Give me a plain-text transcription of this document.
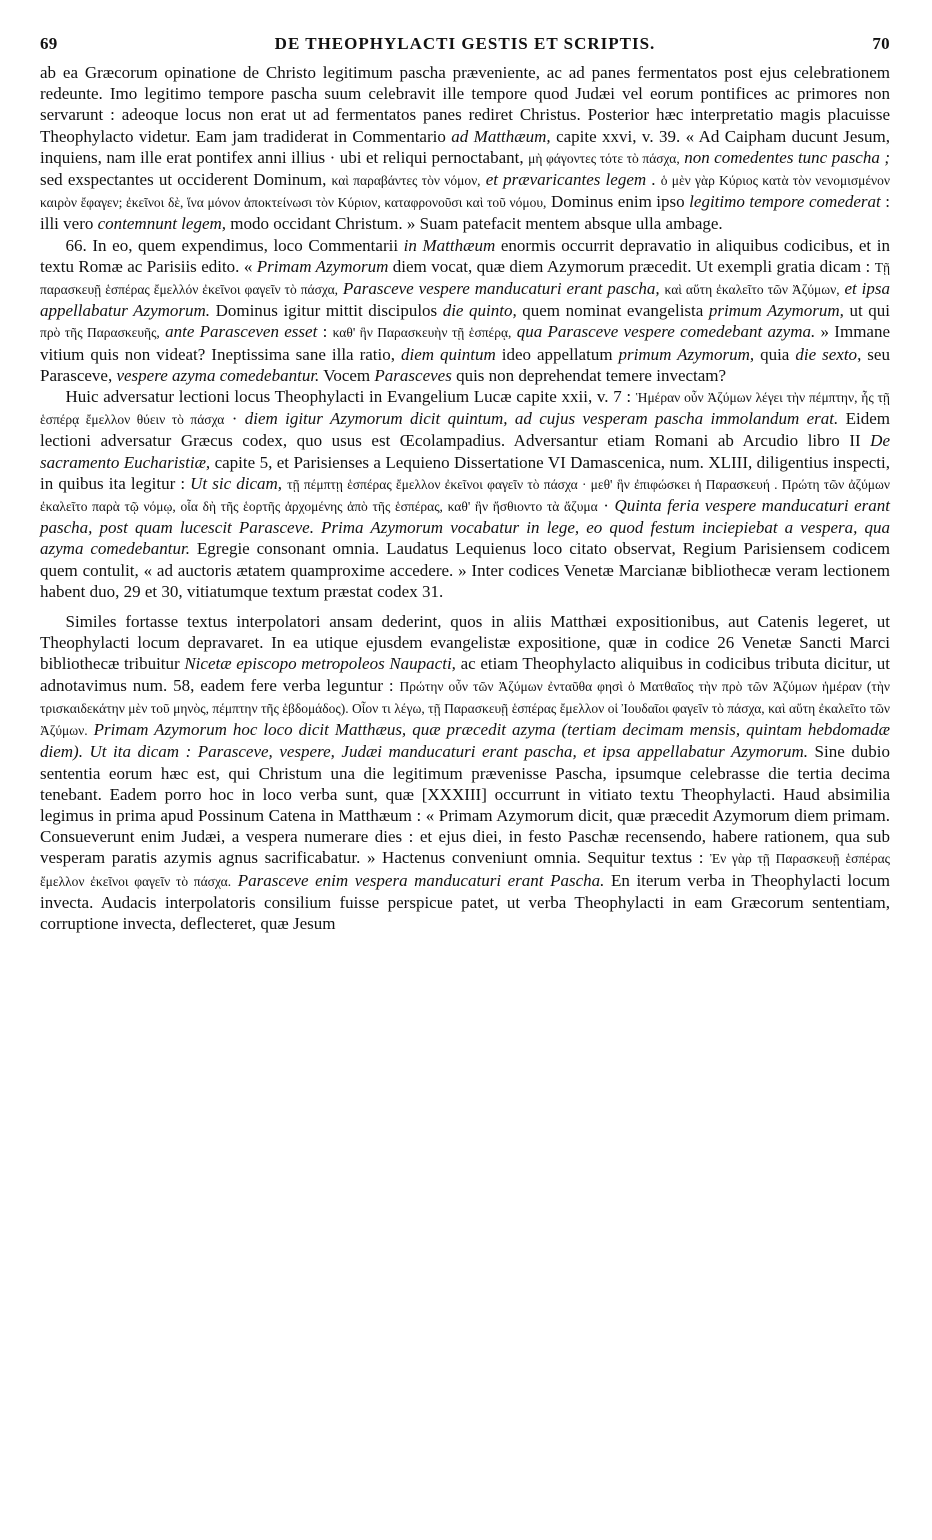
69	DE THEOPHYLACTI GESTIS ET SCRIPTIS.	70

ab ea Græcorum opinatione de Christo legitimum pascha præveniente, ac ad panes fermentatos post ejus celebrationem redeunte. Imo legitimo tempore pascha suum celebravit ille tempore quod Judæi vel eorum pontifices ac primores non servarunt : adeoque locus non erat ut ad fermentatos panes rediret Christus. Posterior hæc interpretatio magis placuisse Theophylacto videtur. Eam jam tradiderat in Commentario ad Matthæum, capite xxvi, v. 39. « Ad Caipham ducunt Jesum, inquiens, nam ille erat pontifex anni illius · ubi et reliqui pernoctabant, μὴ φάγοντες τότε τὸ πάσχα, non comedentes tunc pascha ; sed exspectantes ut occiderent Dominum, καὶ παραβάντες τὸν νόμον, et prævaricantes legem . ὁ μὲν γὰρ Κύριος κατὰ τὸν νενομισμένον καιρὸν ἔφαγεν; ἐκεῖνοι δὲ, ἵνα μόνον ἀποκτείνωσι τὸν Κύριον, καταφρονοῦσι καὶ τοῦ νόμου, Dominus enim ipso legitimo tempore comederat : illi vero contemnunt legem, modo occidant Christum. » Suam patefacit mentem absque ulla ambage.

66. In eo, quem expendimus, loco Commentarii in Matthæum enormis occurrit depravatio in aliquibus codicibus, et in textu Romæ ac Parisiis edito. « Primam Azymorum diem vocat, quæ diem Azymorum præcedit. Ut exempli gratia dicam : Τῇ παρασκευῇ ἑσπέρας ἔμελλόν ἐκεῖνοι φαγεῖν τὸ πάσχα, Parasceve vespere manducaturi erant pascha, καὶ αὕτη ἐκαλεῖτο τῶν Ἀζύμων, et ipsa appellabatur Azymorum. Dominus igitur mittit discipulos die quinto, quem nominat evangelista primum Azymorum, ut qui πρὸ τῆς Παρασκευῆς, ante Parasceven esset : καθ' ἣν Παρασκευὴν τῇ ἑσπέρᾳ, qua Parasceve vespere comedebant azyma. » Immane vitium quis non videat? Ineptissima sane illa ratio, diem quintum ideo appellatum primum Azymorum, quia die sexto, seu Parasceve, vespere azyma comedebantur. Vocem Parasceves quis non deprehendat temere invectam?

Huic adversatur lectioni locus Theophylacti in Evangelium Lucæ capite xxii, v. 7 : Ἡμέραν οὖν Ἀζύμων λέγει τὴν πέμπτην, ἧς τῇ ἑσπέρᾳ ἔμελλον θύειν τὸ πάσχα · diem igitur Azymorum dicit quintum, ad cujus vesperam pascha immolandum erat. Eidem lectioni adversatur Græcus codex, quo usus est Œcolampadius. Adversantur etiam Romani ab Arcudio libro II De sacramento Eucharistiæ, capite 5, et Parisienses a Lequieno Dissertatione VI Damascenica, num. XLIII, diligentius inspecti, in quibus ita legitur : Ut sic dicam, τῇ πέμπτῃ ἑσπέρας ἔμελλον ἐκεῖνοι φαγεῖν τὸ πάσχα · μεθ' ἣν ἐπιφώσκει ἡ Παρασκευή . Πρώτη τῶν ἀζύμων ἐκαλεῖτο παρὰ τῷ νόμῳ, οἷα δὴ τῆς ἑορτῆς ἀρχομένης ἀπὸ τῆς ἑσπέρας, καθ' ἣν ἤσθιοντο τὰ ἄζυμα · Quinta feria vespere manducaturi erant pascha, post quam lucescit Parasceve. Prima Azymorum vocabatur in lege, eo quod festum inciepiebat a vespera, qua azyma comedebantur. Egregie consonant omnia. Laudatus Lequienus loco citato observat, Regium Parisiensem codicem quem contulit, « ad auctoris ætatem quamproxime accedere. » Inter codices Venetæ Marcianæ bibliothecæ veram lectionem habent duo, 29 et 30, vitiatumque textum præstat codex 31.

Similes fortasse textus interpolatori ansam dederint, quos in aliis Matthæi expositionibus, aut Catenis legeret, ut Theophylacti locum depravaret. In ea utique ejusdem evangelistæ expositione, quæ in codice 26 Venetæ Sancti Marci bibliothecæ tribuitur Nicetæ episcopo metropoleos Naupacti, ac etiam Theophylacto aliquibus in codicibus tributa dicitur, ut adnotavimus num. 58, eadem fere verba leguntur : Πρώτην οὖν τῶν Ἀζύμων ἐνταῦθα φησὶ ὁ Ματθαῖος τὴν πρὸ τῶν Ἀζύμων ἡμέραν (τὴν τρισκαιδεκάτην μὲν τοῦ μηνὸς, πέμπτην τῆς ἑβδομάδος). Οἷον τι λέγω, τῇ Παρασκευῇ ἑσπέρας ἔμελλον οἱ Ἰουδαῖοι φαγεῖν τὸ πάσχα, καὶ αὕτη ἐκαλεῖτο τῶν Ἀζύμων. Primam Azymorum hoc loco dicit Matthæus, quæ præcedit azyma (tertiam decimam mensis, quintam hebdomadæ diem). Ut ita dicam : Parasceve, vespere, Judæi manducaturi erant pascha, et ipsa appellabatur Azymorum. Sine dubio sententia eorum hæc est, qui Christum una die legitimum prævenisse Pascha, ipsumque celebrasse die tertia decima tenebant. Eadem porro hoc in loco verba sunt, quæ [XXXIII] occurrunt in vitiato textu Theophylacti. Haud absimilia legimus in prima apud Possinum Catena in Matthæum : « Primam Azymorum dicit, quæ præcedit Azymorum diem primam. Consueverunt enim Judæi, a vespera numerare dies : et ejus diei, in festo Paschæ recensendo, habere rationem, qua sub vesperam paratis azymis agnus sacrificabatur. » Hactenus conveniunt omnia. Sequitur textus : Ἐν γὰρ τῇ Παρασκευῇ ἑσπέρας ἔμελλον ἐκεῖνοι φαγεῖν τὸ πάσχα. Parasceve enim vespera manducaturi erant Pascha. En iterum verba in Theophylacti locum invecta. Audacis interpolatoris consilium fuisse perspicue patet, ut verba Theophylacti in eam Græcorum sententiam, corruptione invecta, deflecteret, quæ Jesum
